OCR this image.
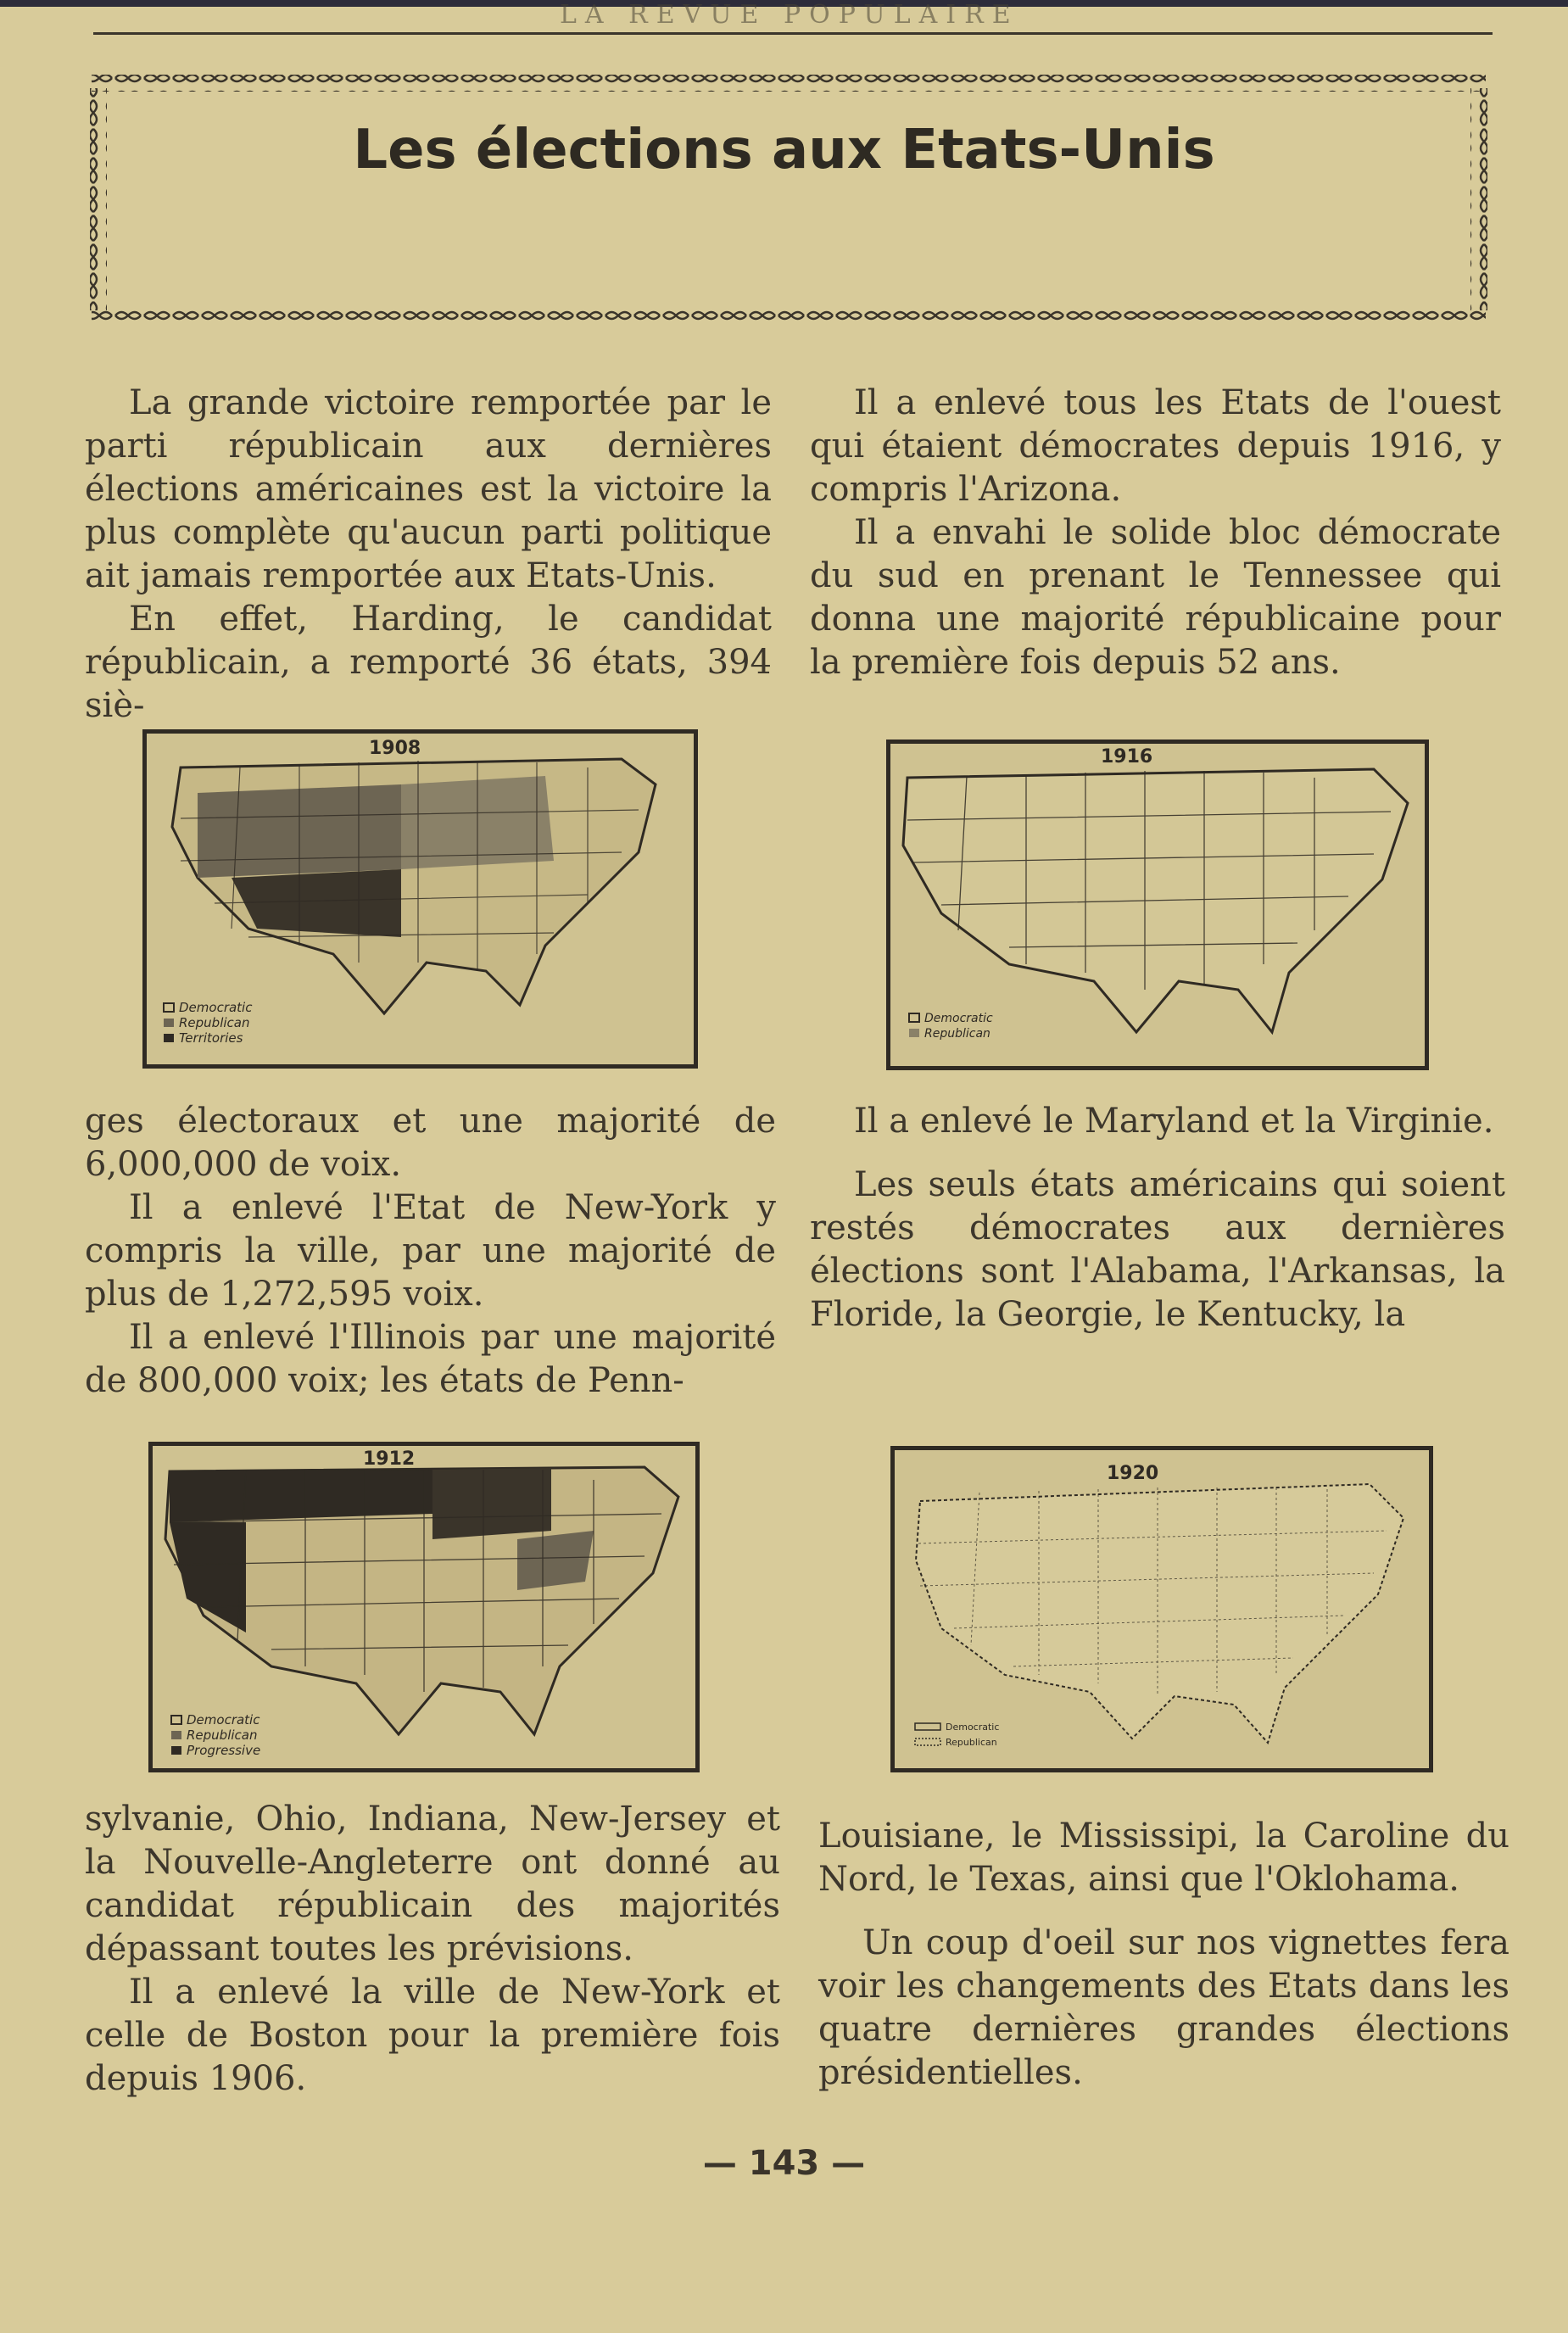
LA REVUE POPULAIRE
Les élections aux Etats-Unis

La grande victoire remportée par le parti républicain aux dernières élections américaines est la victoire la plus complète qu'aucun parti politique ait jamais remportée aux Etats-Unis.

En effet, Harding, le candidat républicain, a remporté 36 états, 394 siè-

Il a enlevé tous les Etats de l'ouest qui étaient démocrates depuis 1916, y compris l'Arizona.

Il a envahi le solide bloc démocrate du sud en prenant le Tennessee qui donna une majorité républicaine pour la première fois depuis 52 ans.

1908
Democratic
Republican
Territories
1916
Democratic
Republican

ges électoraux et une majorité de 6,000,000 de voix.

Il a enlevé l'Etat de New-York y compris la ville, par une majorité de plus de 1,272,595 voix.

Il a enlevé l'Illinois par une majorité de 800,000 voix; les états de Penn-

Il a enlevé le Maryland et la Virginie.

Les seuls états américains qui soient restés démocrates aux dernières élections sont l'Alabama, l'Arkansas, la Floride, la Georgie, le Kentucky, la

1912
Democratic
Republican
Progressive
1920
Democratic
Republican

sylvanie, Ohio, Indiana, New-Jersey et la Nouvelle-Angleterre ont donné au candidat républicain des majorités dépassant toutes les prévisions.

Il a enlevé la ville de New-York et celle de Boston pour la première fois depuis 1906.

Louisiane, le Mississipi, la Caroline du Nord, le Texas, ainsi que l'Oklohama.

Un coup d'oeil sur nos vignettes fera voir les changements des Etats dans les quatre dernières grandes élections présidentielles.

— 143 —
